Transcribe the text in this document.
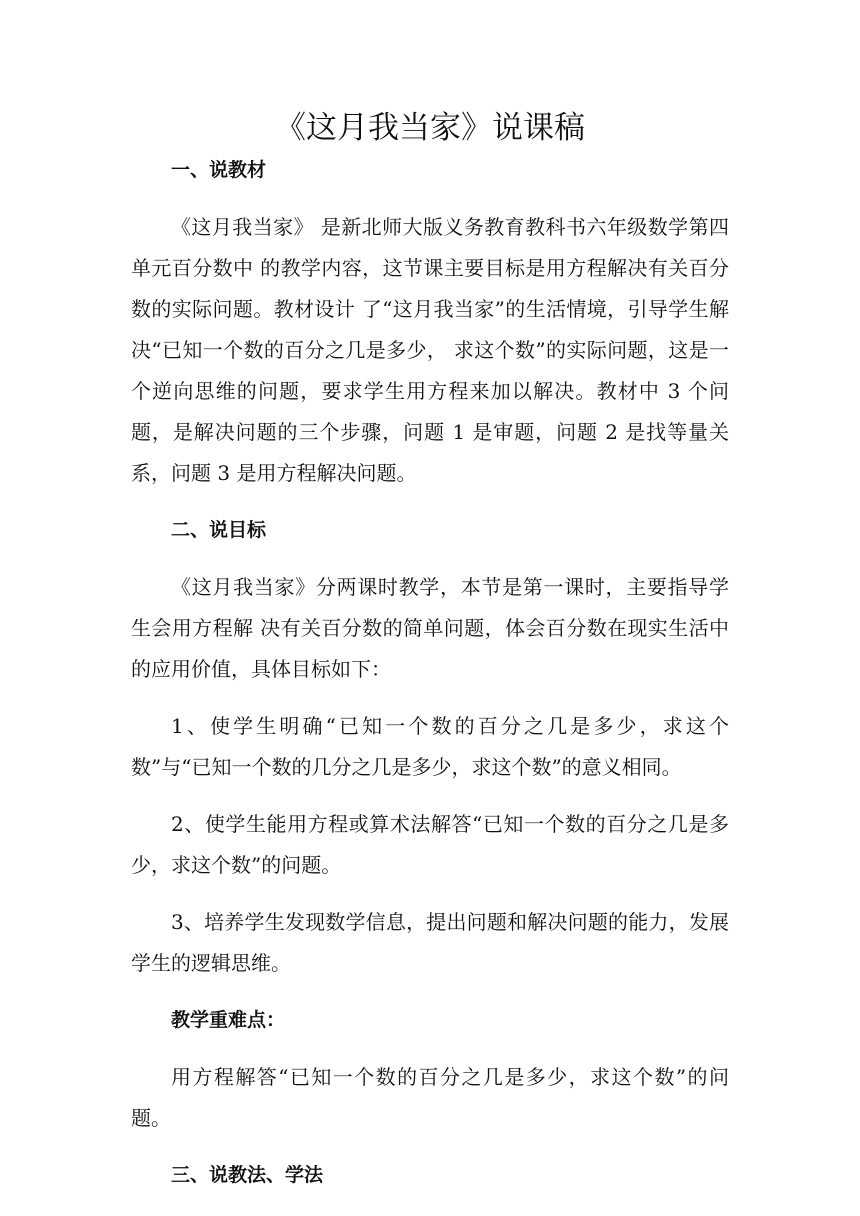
《这月我当家》说课稿
一、说教材

《这月我当家》 是新北师大版义务教育教科书六年级数学第四单元百分数中 的教学内容，这节课主要目标是用方程解决有关百分数的实际问题。教材设计 了“这月我当家”的生活情境，引导学生解决“已知一个数的百分之几是多少， 求这个数”的实际问题，这是一个逆向思维的问题，要求学生用方程来加以解决。教材中 3 个问题，是解决问题的三个步骤，问题 1 是审题，问题 2 是找等量关系，问题 3 是用方程解决问题。

二、说目标

《这月我当家》分两课时教学，本节是第一课时，主要指导学生会用方程解 决有关百分数的简单问题，体会百分数在现实生活中的应用价值，具体目标如下：

1、使学生明确“已知一个数的百分之几是多少，求这个数”与“已知一个数的几分之几是多少，求这个数”的意义相同。

2、使学生能用方程或算术法解答“已知一个数的百分之几是多少，求这个数”的问题。

3、培养学生发现数学信息，提出问题和解决问题的能力，发展学生的逻辑思维。

教学重难点：

用方程解答“已知一个数的百分之几是多少，求这个数”的问题。

三、说教法、学法
